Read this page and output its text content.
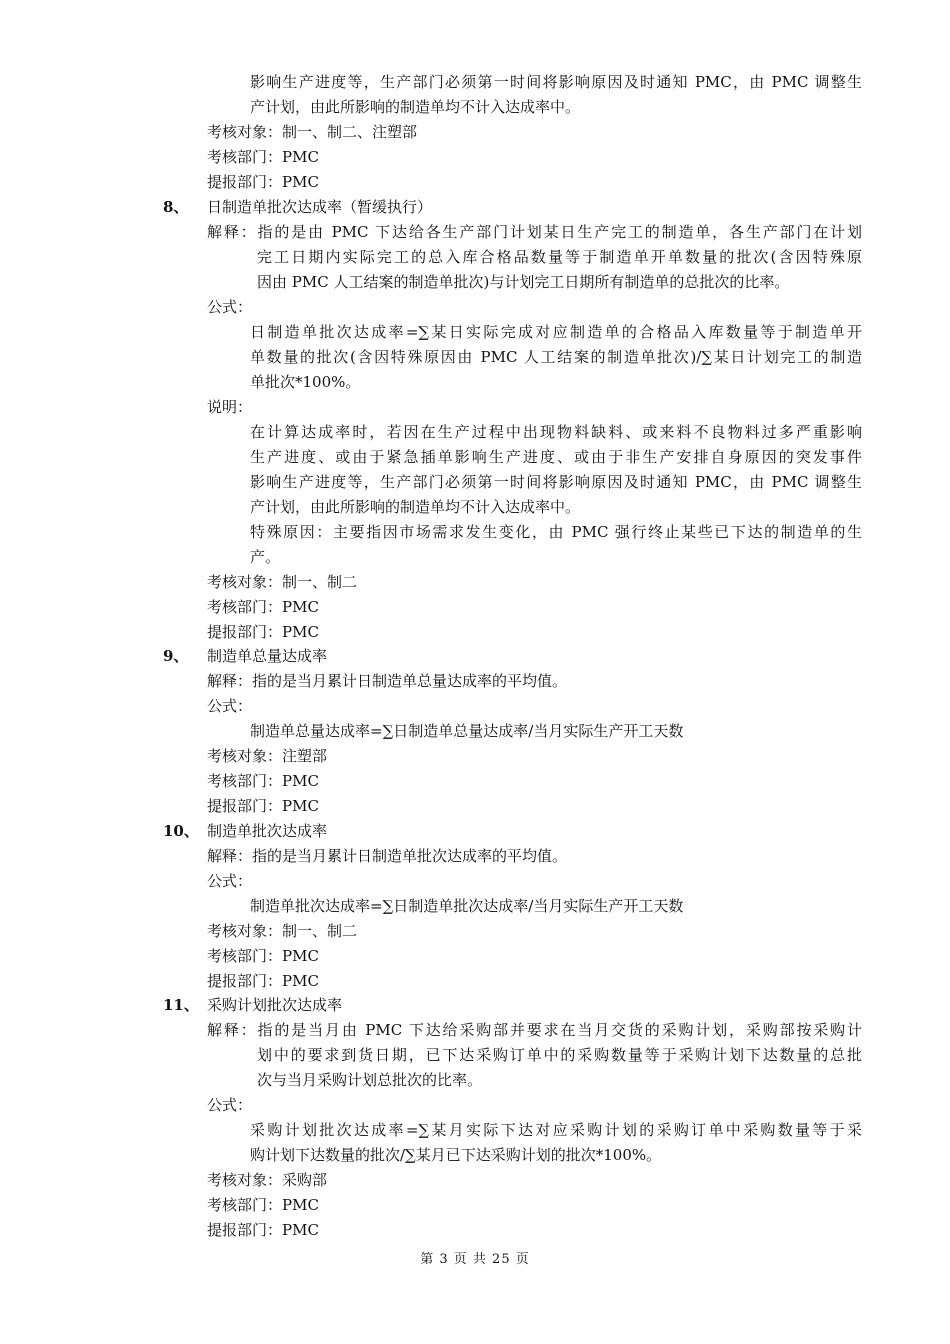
影响生产进度等，生产部门必须第一时间将影响原因及时通知 PMC，由 PMC 调整生
产计划，由此所影响的制造单均不计入达成率中。
考核对象：制一、制二、注塑部
考核部门：PMC
提报部门：PMC
8、 日制造单批次达成率（暂缓执行）
解释：指的是由 PMC 下达给各生产部门计划某日生产完工的制造单，各生产部门在计划
完工日期内实际完工的总入库合格品数量等于制造单开单数量的批次(含因特殊原
因由 PMC 人工结案的制造单批次)与计划完工日期所有制造单的总批次的比率。
公式：
日制造单批次达成率=∑某日实际完成对应制造单的合格品入库数量等于制造单开
单数量的批次(含因特殊原因由 PMC 人工结案的制造单批次)/∑某日计划完工的制造
单批次*100%。
说明：
在计算达成率时，若因在生产过程中出现物料缺料、或来料不良物料过多严重影响
生产进度、或由于紧急插单影响生产进度、或由于非生产安排自身原因的突发事件
影响生产进度等，生产部门必须第一时间将影响原因及时通知 PMC，由 PMC 调整生
产计划，由此所影响的制造单均不计入达成率中。
特殊原因：主要指因市场需求发生变化，由 PMC 强行终止某些已下达的制造单的生
产。
考核对象：制一、制二
考核部门：PMC
提报部门：PMC
9、 制造单总量达成率
解释：指的是当月累计日制造单总量达成率的平均值。
公式：
制造单总量达成率=∑日制造单总量达成率/当月实际生产开工天数
考核对象：注塑部
考核部门：PMC
提报部门：PMC
10、 制造单批次达成率
解释：指的是当月累计日制造单批次达成率的平均值。
公式：
制造单批次达成率=∑日制造单批次达成率/当月实际生产开工天数
考核对象：制一、制二
考核部门：PMC
提报部门：PMC
11、 采购计划批次达成率
解释：指的是当月由 PMC 下达给采购部并要求在当月交货的采购计划，采购部按采购计
划中的要求到货日期，已下达采购订单中的采购数量等于采购计划下达数量的总批
次与当月采购计划总批次的比率。
公式：
采购计划批次达成率=∑某月实际下达对应采购计划的采购订单中采购数量等于采
购计划下达数量的批次/∑某月已下达采购计划的批次*100%。
考核对象：采购部
考核部门：PMC
提报部门：PMC
第 3 页 共 25 页
